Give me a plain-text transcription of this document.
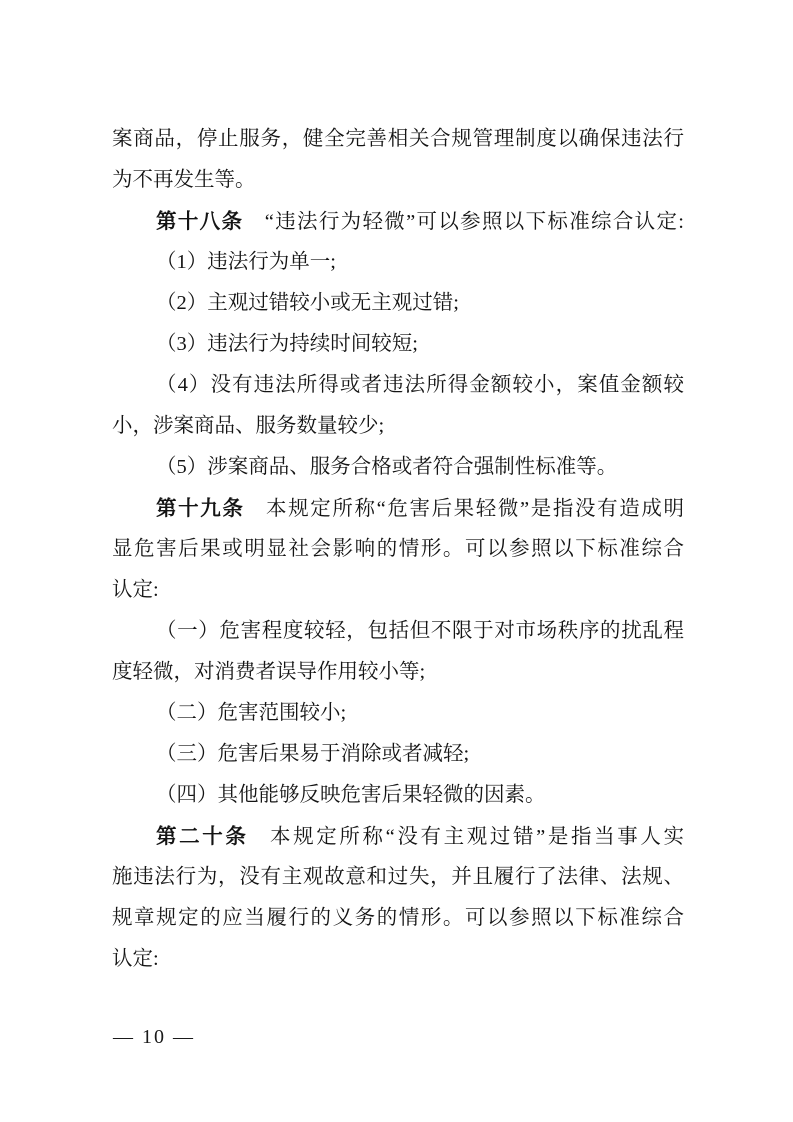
案商品，停止服务，健全完善相关合规管理制度以确保违法行
为不再发生等。
第十八条 “违法行为轻微”可以参照以下标准综合认定:
（1）违法行为单一;
（2）主观过错较小或无主观过错;
（3）违法行为持续时间较短;
（4）没有违法所得或者违法所得金额较小，案值金额较
小，涉案商品、服务数量较少;
（5）涉案商品、服务合格或者符合强制性标准等。
第十九条 本规定所称“危害后果轻微”是指没有造成明
显危害后果或明显社会影响的情形。可以参照以下标准综合
认定:
（一）危害程度较轻，包括但不限于对市场秩序的扰乱程
度轻微，对消费者误导作用较小等;
（二）危害范围较小;
（三）危害后果易于消除或者减轻;
（四）其他能够反映危害后果轻微的因素。
第二十条 本规定所称“没有主观过错”是指当事人实
施违法行为，没有主观故意和过失，并且履行了法律、法规、
规章规定的应当履行的义务的情形。可以参照以下标准综合
认定:
— 10 —
